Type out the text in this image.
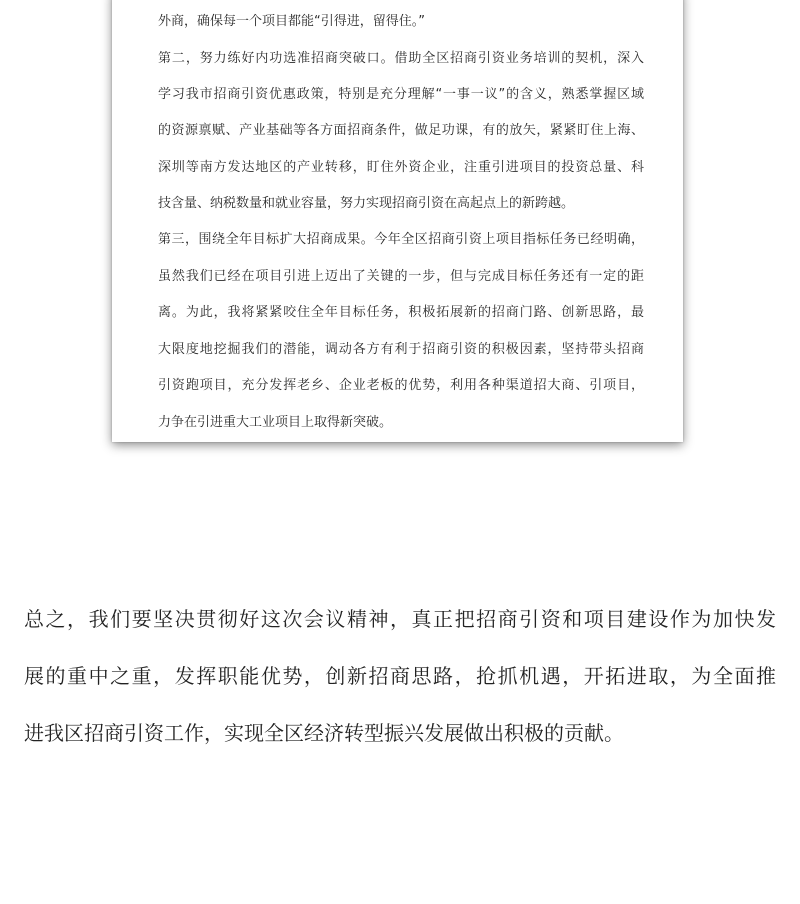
外商，确保每一个项目都能“引得进，留得住。”
第二，努力练好内功选准招商突破口。借助全区招商引资业务培训的契机，深入
学习我市招商引资优惠政策，特别是充分理解“一事一议”的含义，熟悉掌握区域
的资源禀赋、产业基础等各方面招商条件，做足功课，有的放矢，紧紧盯住上海、
深圳等南方发达地区的产业转移，盯住外资企业，注重引进项目的投资总量、科
技含量、纳税数量和就业容量，努力实现招商引资在高起点上的新跨越。
第三，围绕全年目标扩大招商成果。今年全区招商引资上项目指标任务已经明确，
虽然我们已经在项目引进上迈出了关键的一步，但与完成目标任务还有一定的距
离。为此，我将紧紧咬住全年目标任务，积极拓展新的招商门路、创新思路，最
大限度地挖掘我们的潜能，调动各方有利于招商引资的积极因素，坚持带头招商
引资跑项目，充分发挥老乡、企业老板的优势，利用各种渠道招大商、引项目，
力争在引进重大工业项目上取得新突破。
总之，我们要坚决贯彻好这次会议精神，真正把招商引资和项目建设作为加快发
展的重中之重，发挥职能优势，创新招商思路，抢抓机遇，开拓进取，为全面推
进我区招商引资工作，实现全区经济转型振兴发展做出积极的贡献。
